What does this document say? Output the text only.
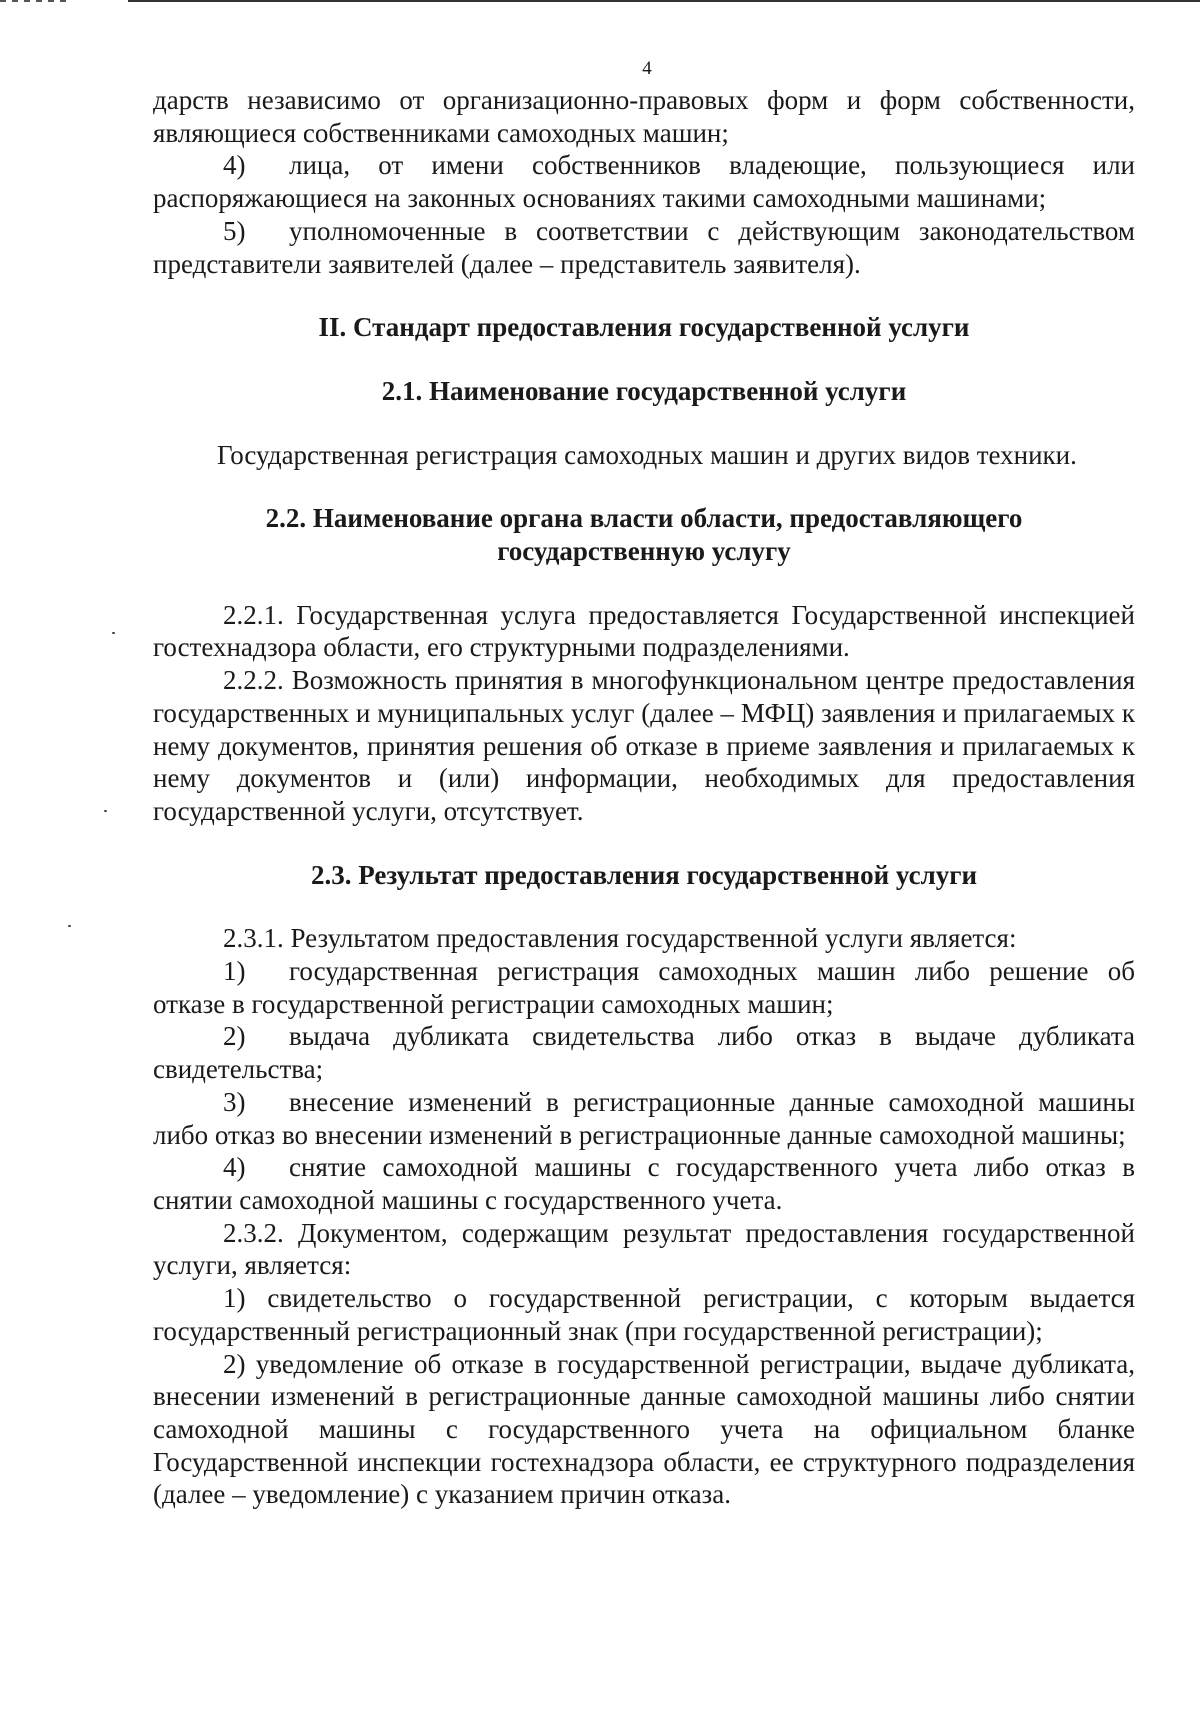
4

дарств независимо от организационно-правовых форм и форм собственности, являющиеся собственниками самоходных машин;

4) лица, от имени собственников владеющие, пользующиеся или распоряжающиеся на законных основаниях такими самоходными машинами;

5) уполномоченные в соответствии с действующим законодательством представители заявителей (далее – представитель заявителя).

II. Стандарт предоставления государственной услуги

2.1. Наименование государственной услуги

Государственная регистрация самоходных машин и других видов техники.

2.2. Наименование органа власти области, предоставляющего
государственную услугу

2.2.1. Государственная услуга предоставляется Государственной инспекцией гостехнадзора области, его структурными подразделениями.

2.2.2. Возможность принятия в многофункциональном центре предоставления государственных и муниципальных услуг (далее – МФЦ) заявления и прилагаемых к нему документов, принятия решения об отказе в приеме заявления и прилагаемых к нему документов и (или) информации, необходимых для предоставления государственной услуги, отсутствует.

2.3. Результат предоставления государственной услуги

2.3.1. Результатом предоставления государственной услуги является:

1) государственная регистрация самоходных машин либо решение об отказе в государственной регистрации самоходных машин;

2) выдача дубликата свидетельства либо отказ в выдаче дубликата свидетельства;

3) внесение изменений в регистрационные данные самоходной машины либо отказ во внесении изменений в регистрационные данные самоходной машины;

4) снятие самоходной машины с государственного учета либо отказ в снятии самоходной машины с государственного учета.

2.3.2. Документом, содержащим результат предоставления государственной услуги, является:

1) свидетельство о государственной регистрации, с которым выдается государственный регистрационный знак (при государственной регистрации);

2) уведомление об отказе в государственной регистрации, выдаче дубликата, внесении изменений в регистрационные данные самоходной машины либо снятии самоходной машины с государственного учета на официальном бланке Государственной инспекции гостехнадзора области, ее структурного подразделения (далее – уведомление) с указанием причин отказа.
